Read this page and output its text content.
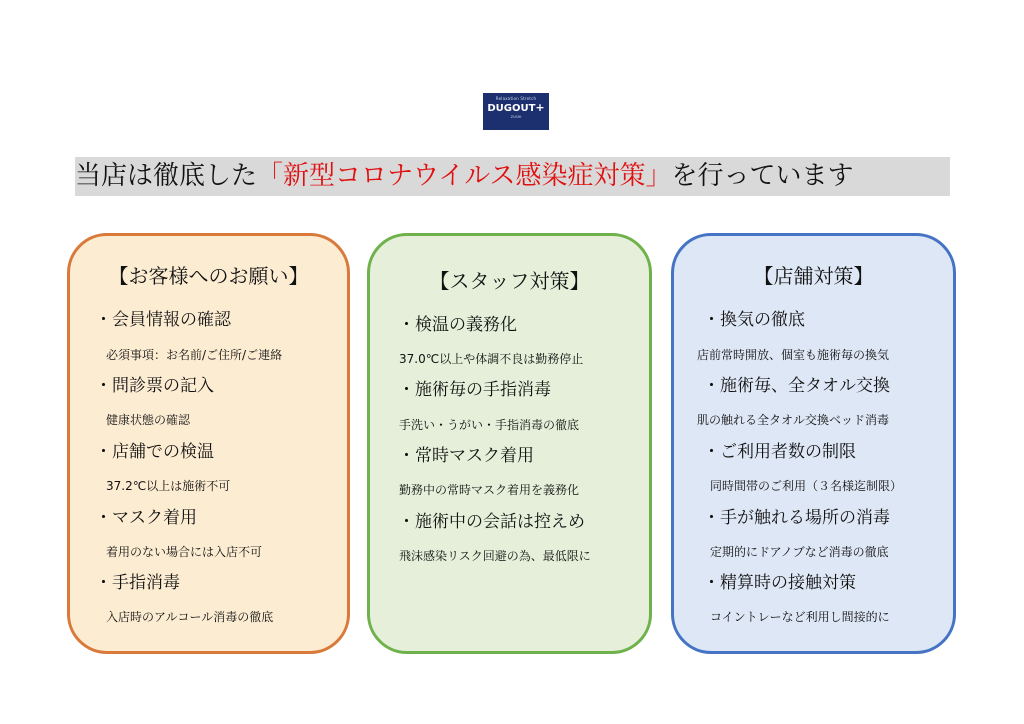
Relaxation Stretch
DUGOUT+
ZUSHI
当店は徹底した「新型コロナウイルス感染症対策」を行っています
【お客様へのお願い】
・会員情報の確認
必須事項：お名前/ご住所/ご連絡
・問診票の記入
健康状態の確認
・店舗での検温
37.2℃以上は施術不可
・マスク着用
着用のない場合には入店不可
・手指消毒
入店時のアルコール消毒の徹底
【スタッフ対策】
・検温の義務化
37.0℃以上や体調不良は勤務停止
・施術毎の手指消毒
手洗い・うがい・手指消毒の徹底
・常時マスク着用
勤務中の常時マスク着用を義務化
・施術中の会話は控えめ
飛沫感染リスク回避の為、最低限に
【店舗対策】
・換気の徹底
店前常時開放、個室も施術毎の換気
・施術毎、全タオル交換
肌の触れる全タオル交換ベッド消毒
・ご利用者数の制限
同時間帯のご利用（３名様迄制限）
・手が触れる場所の消毒
定期的にドアノブなど消毒の徹底
・精算時の接触対策
コイントレーなど利用し間接的に
